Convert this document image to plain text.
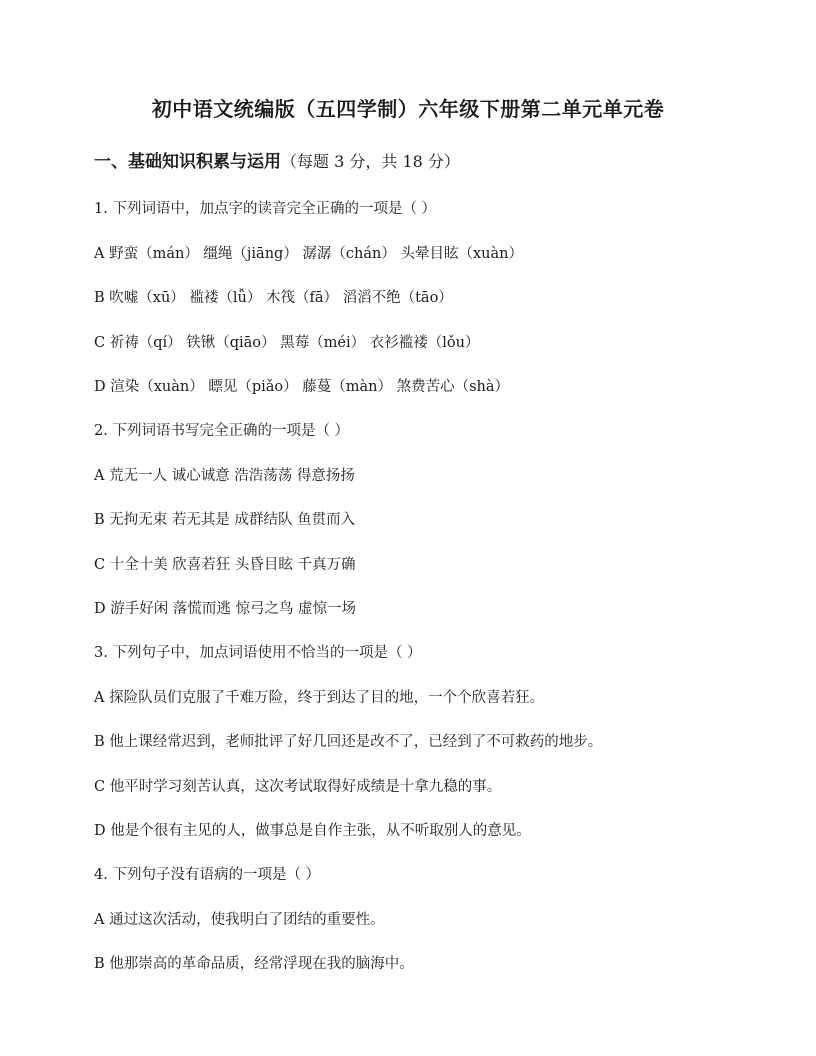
初中语文统编版（五四学制）六年级下册第二单元单元卷
一、基础知识积累与运用（每题 3 分，共 18 分）
1. 下列词语中，加点字的读音完全正确的一项是（ ）
A 野蛮（mán） 缰绳（jiāng） 潺潺（chán） 头晕目眩（xuàn）
B 吹嘘（xū） 褴褛（lǚ） 木筏（fā） 滔滔不绝（tāo）
C 祈祷（qí） 铁锹（qiāo） 黑莓（méi） 衣衫褴褛（lǒu）
D 渲染（xuàn） 瞟见（piǎo） 藤蔓（màn） 煞费苦心（shà）
2. 下列词语书写完全正确的一项是（ ）
A 荒无一人 诚心诚意 浩浩荡荡 得意扬扬
B 无拘无束 若无其是 成群结队 鱼贯而入
C 十全十美 欣喜若狂 头昏目眩 千真万确
D 游手好闲 落慌而逃 惊弓之鸟 虚惊一场
3. 下列句子中，加点词语使用不恰当的一项是（ ）
A 探险队员们克服了千难万险，终于到达了目的地，一个个欣喜若狂。
B 他上课经常迟到，老师批评了好几回还是改不了，已经到了不可救药的地步。
C 他平时学习刻苦认真，这次考试取得好成绩是十拿九稳的事。
D 他是个很有主见的人，做事总是自作主张，从不听取别人的意见。
4. 下列句子没有语病的一项是（ ）
A 通过这次活动，使我明白了团结的重要性。
B 他那崇高的革命品质，经常浮现在我的脑海中。
